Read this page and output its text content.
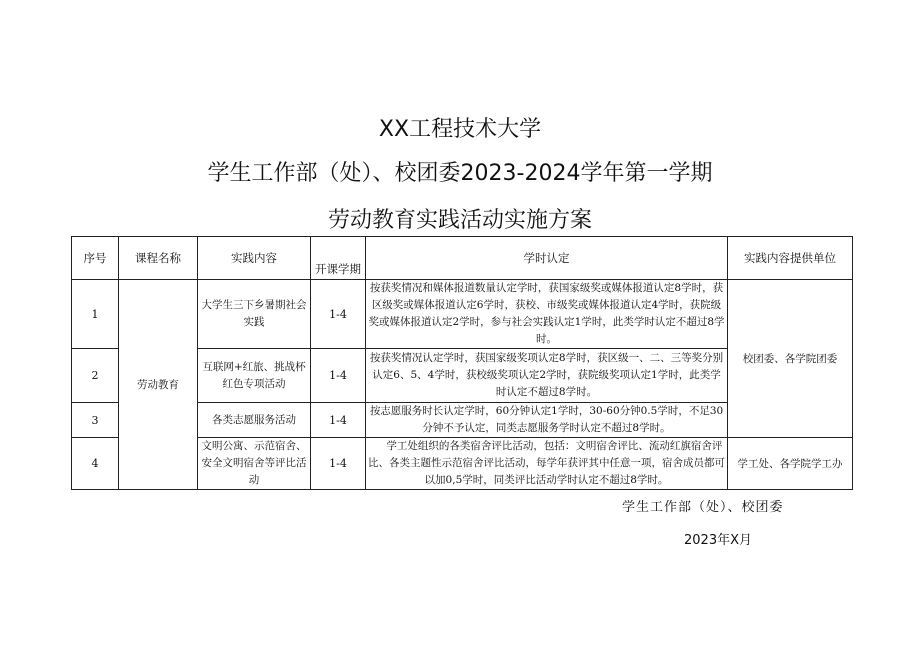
XX工程技术大学
学生工作部（处）、校团委2023-2024学年第一学期
劳动教育实践活动实施方案
序号	课程名称	实践内容	开课学期	学时认定	实践内容提供单位
1	劳动教育	大学生三下乡暑期社会实践	1-4	按获奖情况和媒体报道数量认定学时，获国家级奖或媒体报道认定8学时，获区级奖或媒体报道认定6学时，获校、市级奖或媒体报道认定4学时，获院级奖或媒体报道认定2学时，参与社会实践认定1学时，此类学时认定不超过8学时。	校团委、各学院团委
2		互联网+红旅、挑战杯红色专项活动	1-4	按获奖情况认定学时，获国家级奖项认定8学时，获区级一、二、三等奖分别认定6、5、4学时，获校级奖项认定2学时，获院级奖项认定1学时，此类学时认定不超过8学时。	
3		各类志愿服务活动	1-4	按志愿服务时长认定学时，60分钟认定1学时，30-60分钟0.5学时，不足30分钟不予认定，同类志愿服务学时认定不超过8学时。	
4		文明公寓、示范宿舍、安全文明宿舍等评比活动	1-4	学工处组织的各类宿舍评比活动，包括：文明宿舍评比、流动红旗宿舍评比、各类主题性示范宿舍评比活动，每学年获评其中任意一项，宿舍成员都可以加0,5学时，同类评比活动学时认定不超过8学时。	学工处、各学院学工办
学生工作部（处）、校团委
2023年X月
